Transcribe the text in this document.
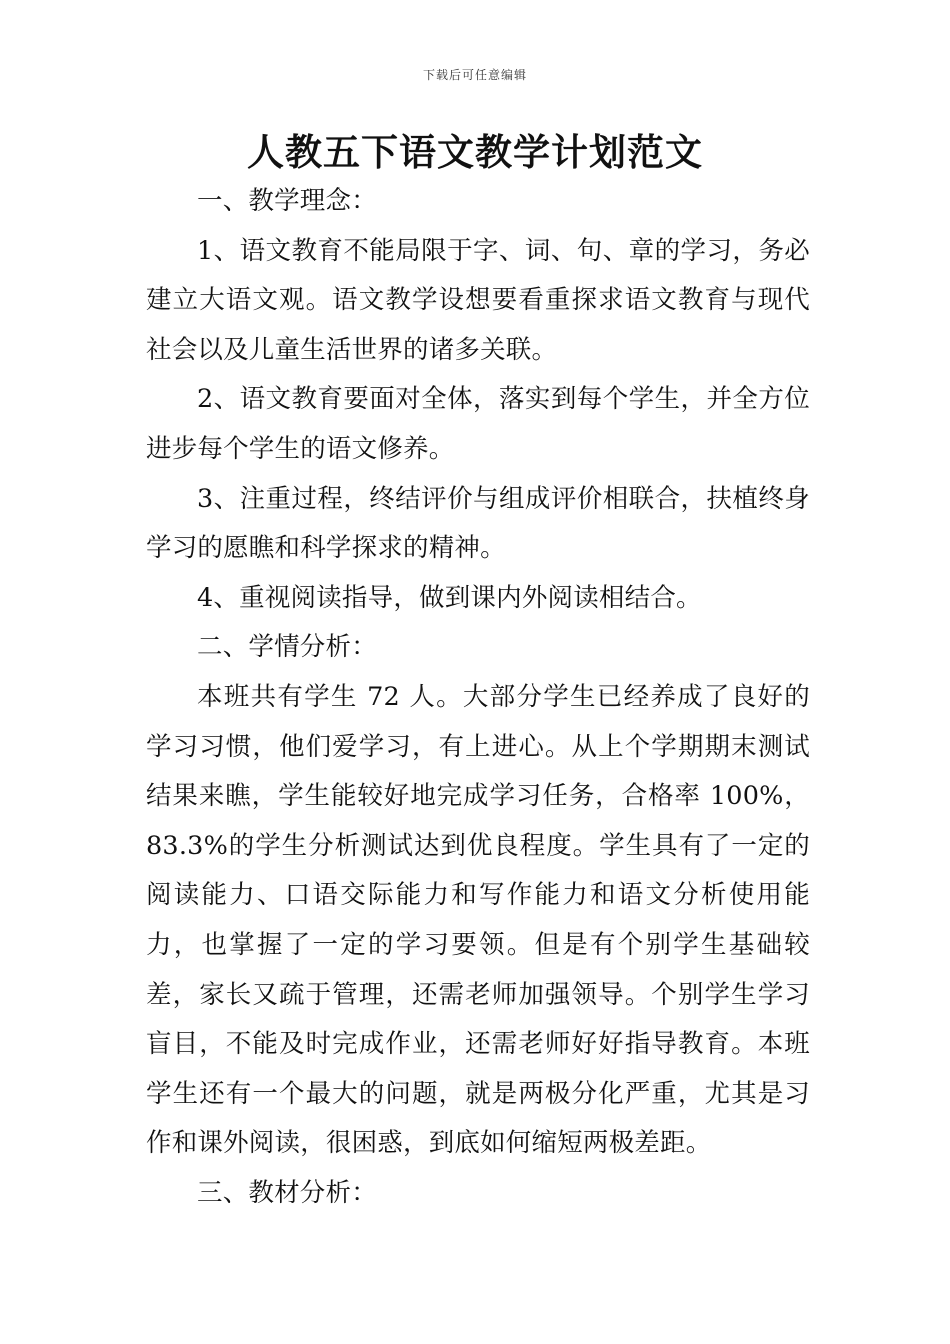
下载后可任意编辑
人教五下语文教学计划范文

一、教学理念：

1、语文教育不能局限于字、词、句、章的学习，务必建立大语文观。语文教学设想要看重探求语文教育与现代社会以及儿童生活世界的诸多关联。

2、语文教育要面对全体，落实到每个学生，并全方位进步每个学生的语文修养。

3、注重过程，终结评价与组成评价相联合，扶植终身学习的愿瞧和科学探求的精神。

4、重视阅读指导，做到课内外阅读相结合。

二、学情分析：

本班共有学生 72 人。大部分学生已经养成了良好的学习习惯，他们爱学习，有上进心。从上个学期期末测试结果来瞧，学生能较好地完成学习任务，合格率 100%，83.3%的学生分析测试达到优良程度。学生具有了一定的阅读能力、口语交际能力和写作能力和语文分析使用能力，也掌握了一定的学习要领。但是有个别学生基础较差，家长又疏于管理，还需老师加强领导。个别学生学习盲目，不能及时完成作业，还需老师好好指导教育。本班学生还有一个最大的问题，就是两极分化严重，尤其是习作和课外阅读，很困惑，到底如何缩短两极差距。

三、教材分析：
